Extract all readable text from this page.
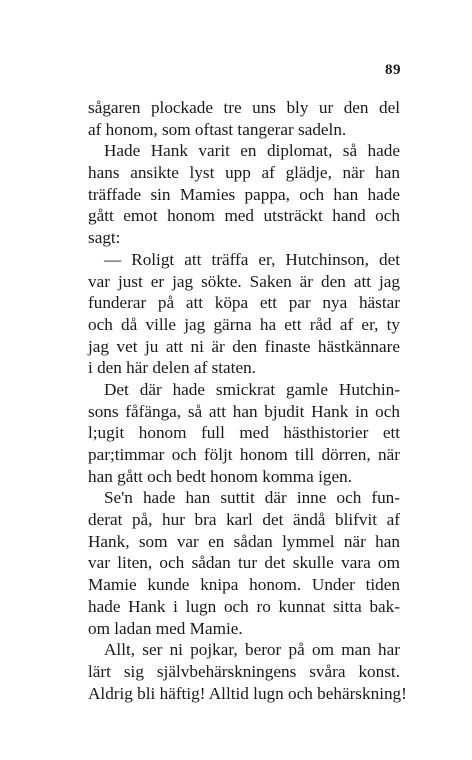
89
sågaren plockade tre uns bly ur den del
af honom, som oftast tangerar sadeln.
Hade Hank varit en diplomat, så hade
hans ansikte lyst upp af glädje, när han
träffade sin Mamies pappa, och han hade
gått emot honom med utsträckt hand och
sagt:
— Roligt att träffa er, Hutchinson, det
var just er jag sökte. Saken är den att jag
funderar på att köpa ett par nya hästar
och då ville jag gärna ha ett råd af er, ty
jag vet ju att ni är den finaste hästkännare
i den här delen af staten.
Det där hade smickrat gamle Hutchin-
sons fåfänga, så att han bjudit Hank in och
l;ugit honom full med hästhistorier ett
par;timmar och följt honom till dörren, när
han gått och bedt honom komma igen.
Se'n hade han suttit där inne och fun-
derat på, hur bra karl det ändå blifvit af
Hank, som var en sådan lymmel när han
var liten, och sådan tur det skulle vara om
Mamie kunde knipa honom. Under tiden
hade Hank i lugn och ro kunnat sitta bak-
om ladan med Mamie.
Allt, ser ni pojkar, beror på om man har
lärt sig självbehärskningens svåra konst.
Aldrig bli häftig! Alltid lugn och behärskning!
